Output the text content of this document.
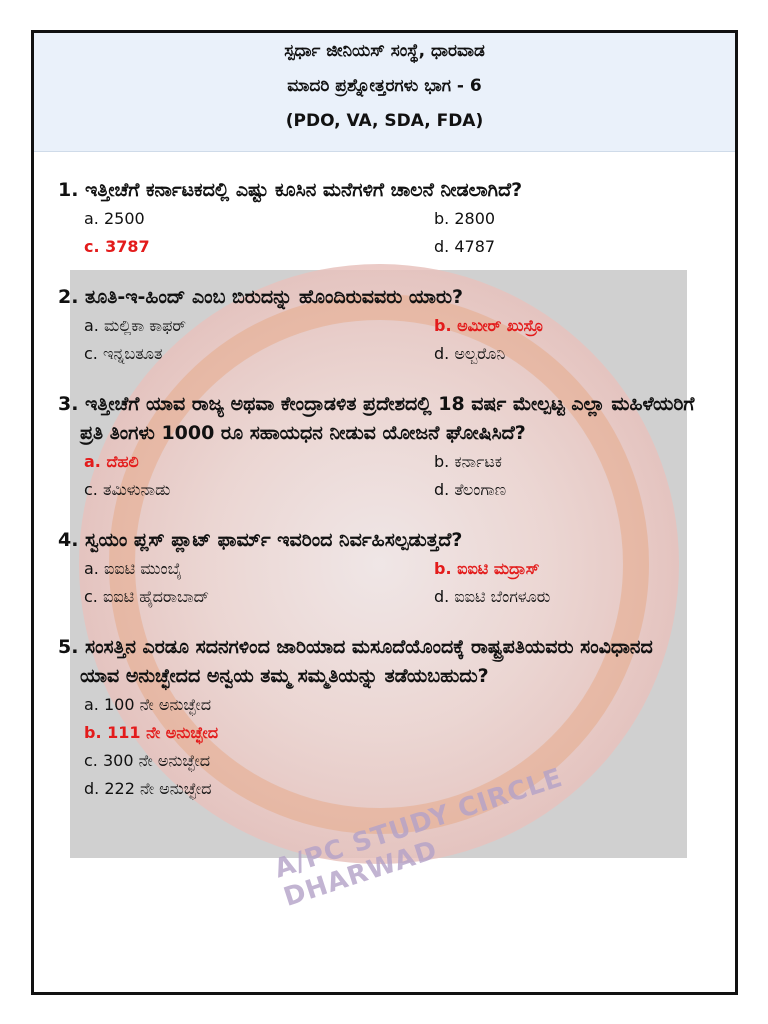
ಸ್ಪರ್ಧಾ ಜೀನಿಯಸ್ ಸಂಸ್ಥೆ, ಧಾರವಾಡ
ಮಾದರಿ ಪ್ರಶ್ನೋತ್ತರಗಳು ಭಾಗ - 6
(PDO, VA, SDA, FDA)
A/PC STUDY CIRCLE DHARWAD

1. ಇತ್ತೀಚೆಗೆ ಕರ್ನಾಟಕದಲ್ಲಿ ಎಷ್ಟು ಕೂಸಿನ ಮನೆಗಳಿಗೆ ಚಾಲನೆ ನೀಡಲಾಗಿದೆ?

a. 2500	b. 2800
c. 3787	d. 4787

2. ತೂತಿ-ಇ-ಹಿಂದ್ ಎಂಬ ಬಿರುದನ್ನು ಹೊಂದಿರುವವರು ಯಾರು?

a. ಮಲ್ಲಿಕಾ ಕಾಫರ್	b. ಅಮೀರ್ ಖುಸ್ರೊ
c. ಇನ್ನಬತೂತ	d. ಅಲ್ಬರೊನಿ

3. ಇತ್ತೀಚೆಗೆ ಯಾವ ರಾಜ್ಯ ಅಥವಾ ಕೇಂದ್ರಾಡಳಿತ ಪ್ರದೇಶದಲ್ಲಿ 18 ವರ್ಷ ಮೇಲ್ಪಟ್ಟ ಎಲ್ಲಾ ಮಹಿಳೆಯರಿಗೆ ಪ್ರತಿ ತಿಂಗಳು 1000 ರೂ ಸಹಾಯಧನ ನೀಡುವ ಯೋಜನೆ ಘೋಷಿಸಿದೆ?

a. ದೆಹಲಿ	b. ಕರ್ನಾಟಕ
c. ತಮಿಳುನಾಡು	d. ತೆಲಂಗಾಣ

4. ಸ್ವಯಂ ಪ್ಲಸ್ ಪ್ಲಾಟ್ ಫಾರ್ಮ್ ಇವರಿಂದ ನಿರ್ವಹಿಸಲ್ಪಡುತ್ತದೆ?

a. ಐಐಟಿ ಮುಂಬೈ	b. ಐಐಟಿ ಮದ್ರಾಸ್
c. ಐಐಟಿ ಹೈದರಾಬಾದ್	d. ಐಐಟಿ ಬೆಂಗಳೂರು

5. ಸಂಸತ್ತಿನ ಎರಡೂ ಸದನಗಳಿಂದ ಜಾರಿಯಾದ ಮಸೂದೆಯೊಂದಕ್ಕೆ ರಾಷ್ಟ್ರಪತಿಯವರು ಸಂವಿಧಾನದ ಯಾವ ಅನುಚ್ಛೇದದ ಅನ್ವಯ ತಮ್ಮ ಸಮ್ಮತಿಯನ್ನು ತಡೆಯಬಹುದು?

a. 100 ನೇ ಅನುಚ್ಛೇದ
b. 111 ನೇ ಅನುಚ್ಛೇದ
c. 300 ನೇ ಅನುಚ್ಛೇದ
d. 222 ನೇ ಅನುಚ್ಛೇದ
